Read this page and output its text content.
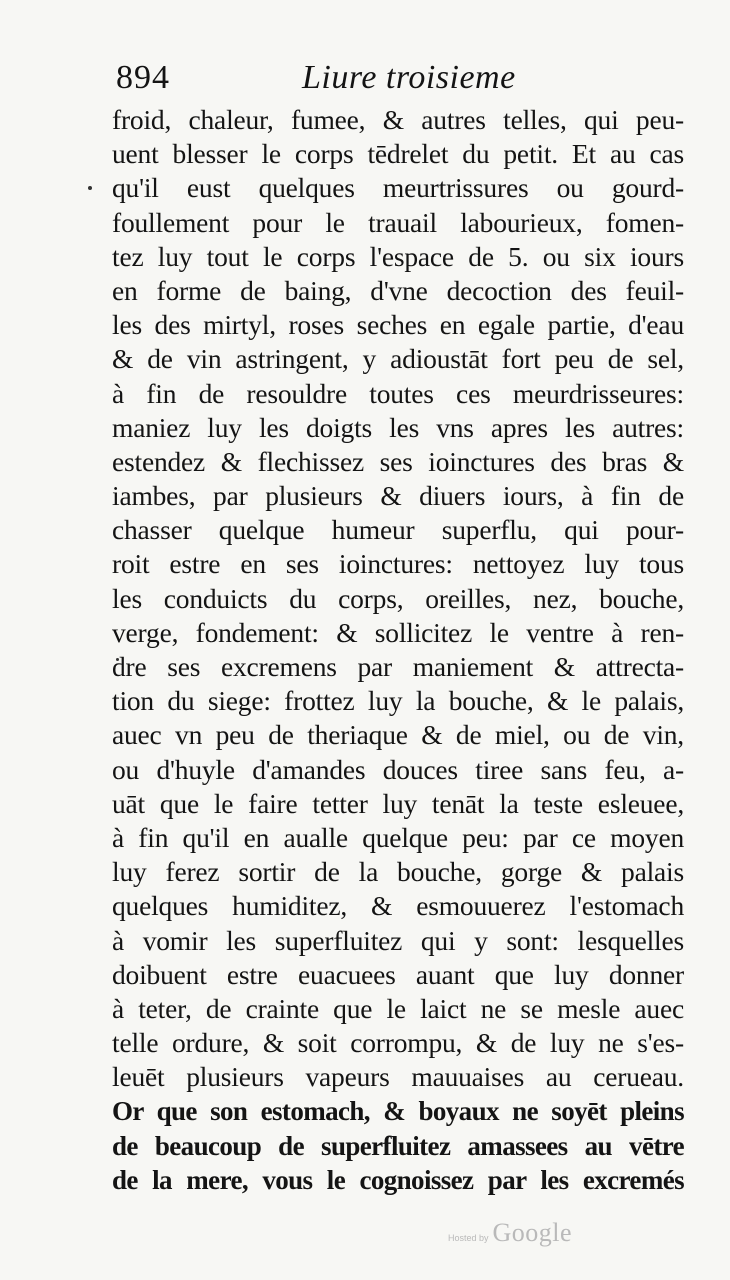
894	Liure troisieme
froid, chaleur, fumee, & autres telles, qui peu-
uent blesser le corps tēdrelet du petit. Et au cas
qu'il eust quelques meurtrissures ou gourd-
foullement pour le trauail labourieux, fomen-
tez luy tout le corps l'espace de 5. ou six iours
en forme de baing, d'vne decoction des feuil-
les des mirtyl, roses seches en egale partie, d'eau
& de vin astringent, y adioustāt fort peu de sel,
à fin de resouldre toutes ces meurdrisseures:
maniez luy les doigts les vns apres les autres:
estendez & flechissez ses ioinctures des bras &
iambes, par plusieurs & diuers iours, à fin de
chasser quelque humeur superflu, qui pour-
roit estre en ses ioinctures: nettoyez luy tous
les conduicts du corps, oreilles, nez, bouche,
verge, fondement: & sollicitez le ventre à ren-
dre ses excremens par maniement & attrecta-
tion du siege: frottez luy la bouche, & le palais,
auec vn peu de theriaque & de miel, ou de vin,
ou d'huyle d'amandes douces tiree sans feu, a-
uāt que le faire tetter luy tenāt la teste esleuee,
à fin qu'il en aualle quelque peu: par ce moyen
luy ferez sortir de la bouche, gorge & palais
quelques humiditez, & esmouuerez l'estomach
à vomir les superfluitez qui y sont: lesquelles
doibuent estre euacuees auant que luy donner
à teter, de crainte que le laict ne se mesle auec
telle ordure, & soit corrompu, & de luy ne s'es-
leuēt plusieurs vapeurs mauuaises au cerueau.
Or que son estomach, & boyaux ne soyēt pleins
de beaucoup de superfluitez amassees au vētre
de la mere, vous le cognoissez par les excremés
Hosted by Google
